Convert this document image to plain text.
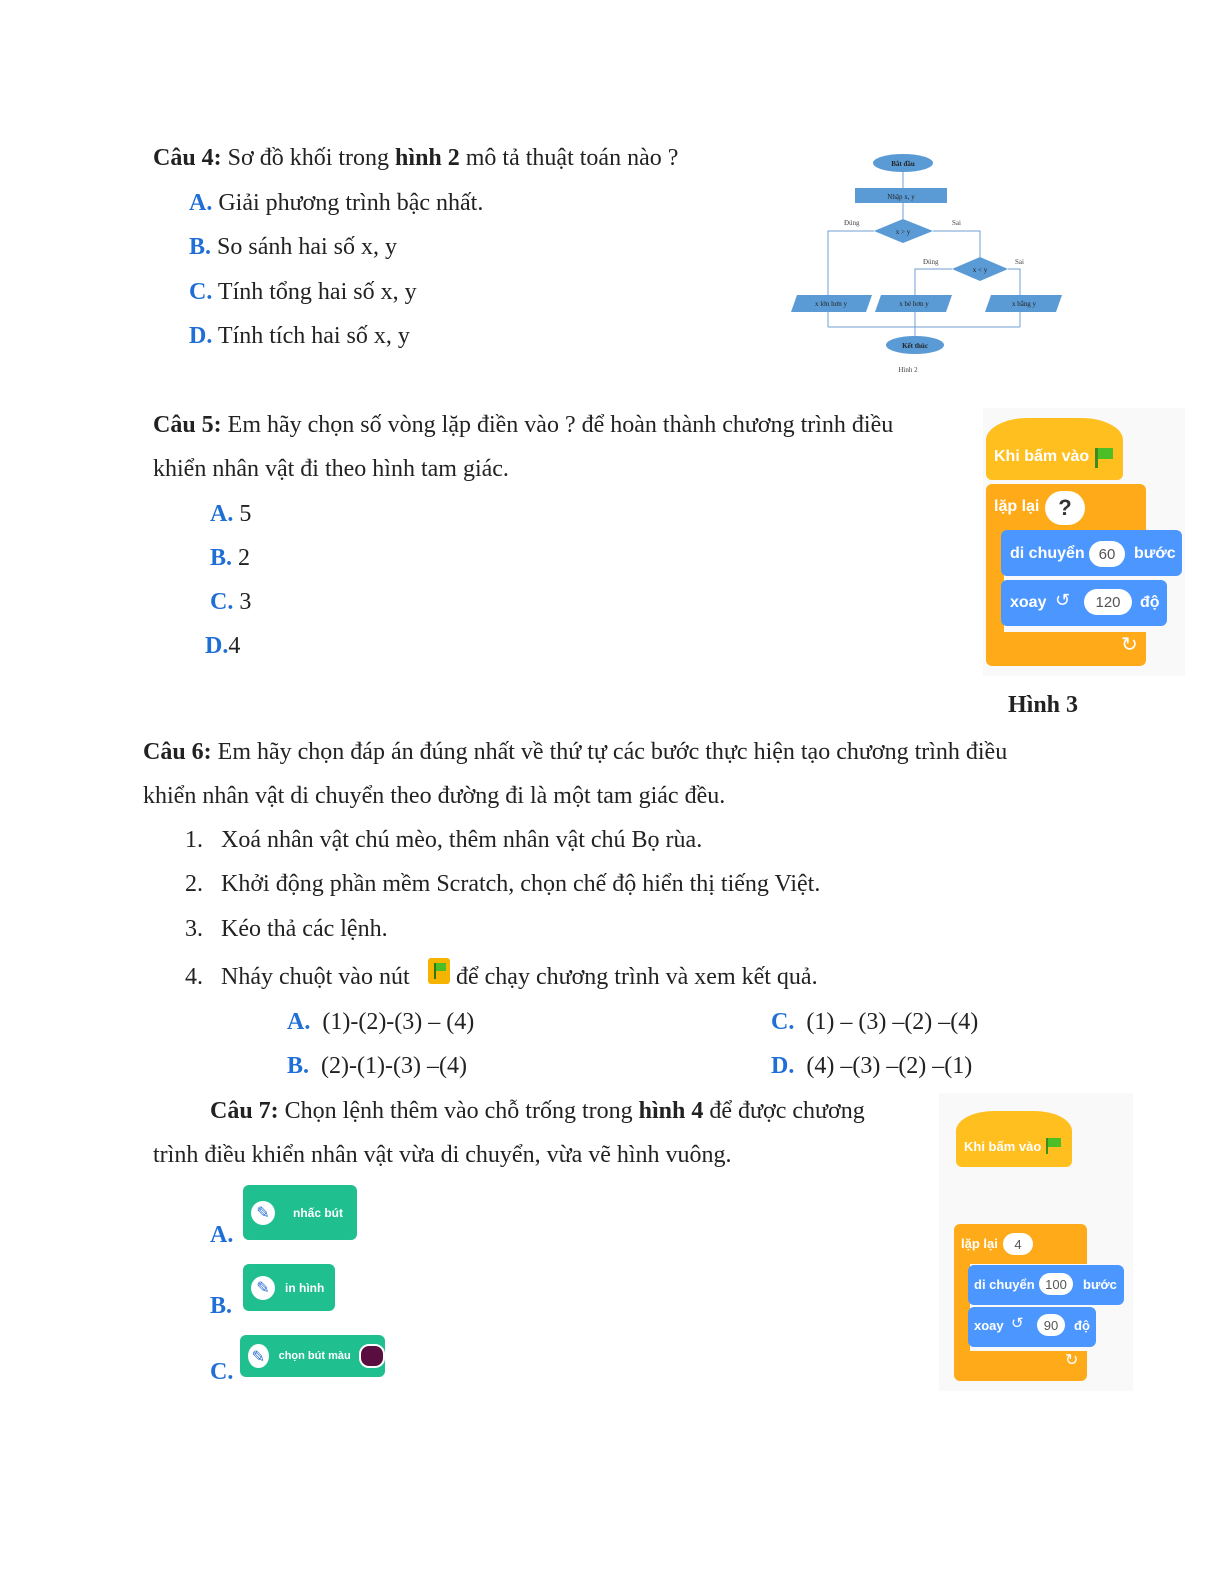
Câu 4: Sơ đồ khối trong hình 2 mô tả thuật toán nào ?
A. Giải phương trình bậc nhất.
B. So sánh hai số x, y
C. Tính tổng hai số x, y
D. Tính tích hai số x, y
Bắt đầu
Nhập x, y
x > y
Đúng	Sai
x < y
Đúng	Sai
x lớn hơn y	x bé hơn y	x bằng y
Kết thúc
Hình 2
Câu 5: Em hãy chọn số vòng lặp điền vào ? để hoàn thành chương trình điều
khiển nhân vật đi theo hình tam giác.
A. 5
B. 2
C. 3
D.4
Khi bấm vào
lặp lại ?
↻
di chuyển 60	bước
xoay ↺	120	độ
Hình 3
Câu 6: Em hãy chọn đáp án đúng nhất về thứ tự các bước thực hiện tạo chương trình điều
khiển nhân vật di chuyển theo đường đi là một tam giác đều.
1. Xoá nhân vật chú mèo, thêm nhân vật chú Bọ rùa.
2. Khởi động phần mềm Scratch, chọn chế độ hiển thị tiếng Việt.
3. Kéo thả các lệnh.
4. Nháy chuột vào nút để chạy chương trình và xem kết quả.
A. (1)-(2)-(3) – (4)	C. (1) – (3) –(2) –(4)
B. (2)-(1)-(3) –(4)	D. (4) –(3) –(2) –(1)
Câu 7: Chọn lệnh thêm vào chỗ trống trong hình 4 để được chương
trình điều khiển nhân vật vừa di chuyển, vừa vẽ hình vuông.
A.
✎ nhấc bút
B.
✎ in hình
C.
✎ chọn bút màu
Khi bấm vào
lặp lại	4
↻
di chuyển 100	bước
xoay ↺	90	độ
